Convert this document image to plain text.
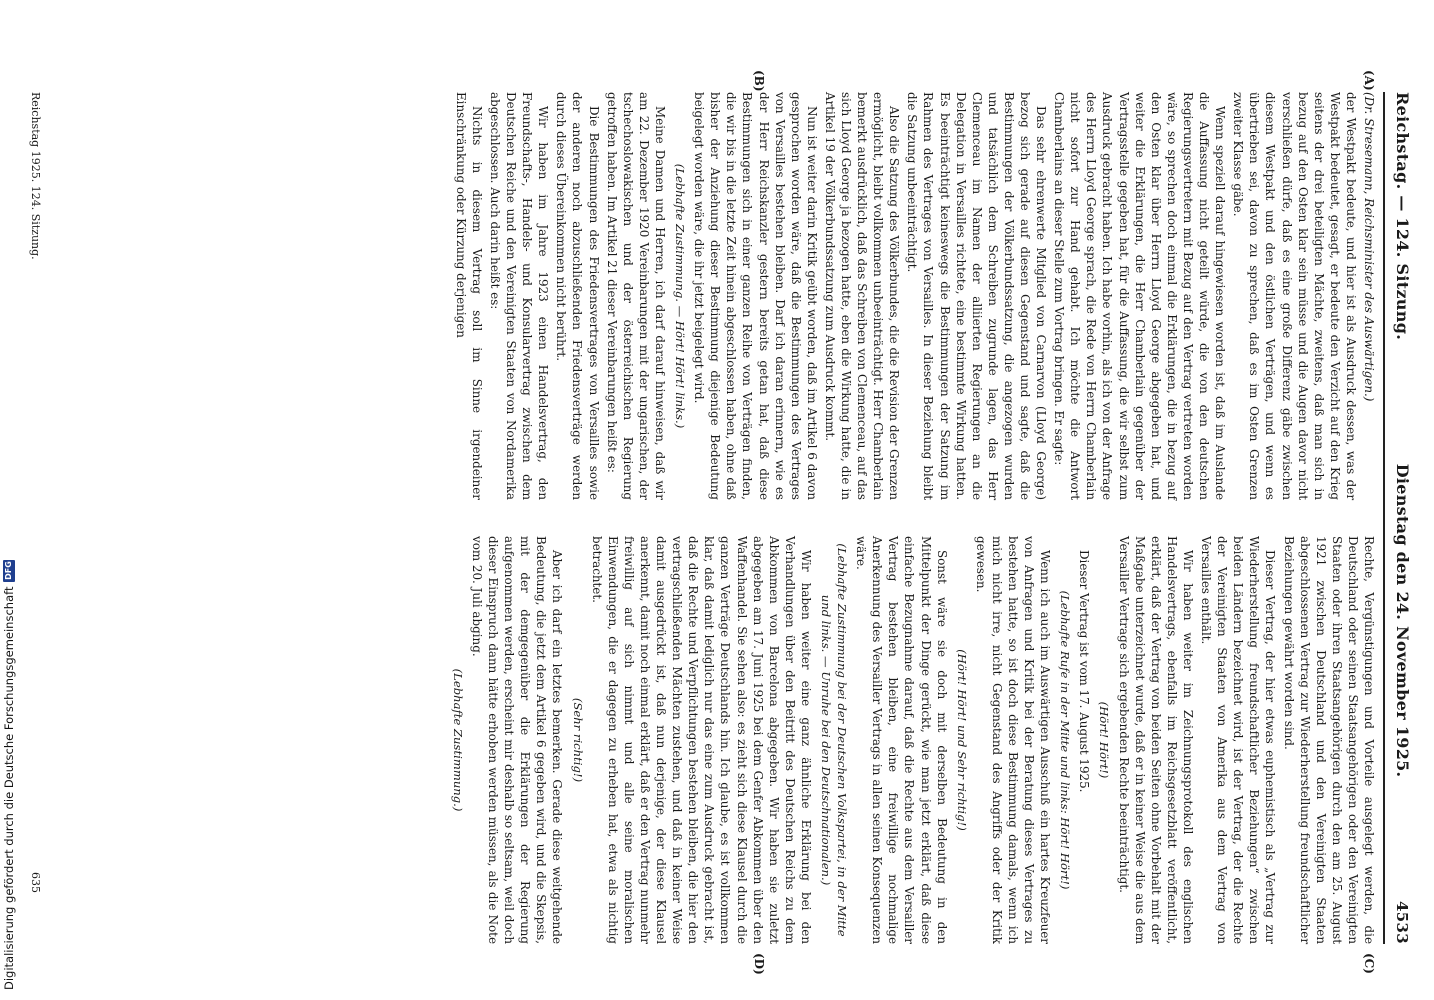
Reichstag. — 124. Sitzung.
Dienstag den 24. November 1925.
4533
(A)
(B)
(C)
(D)

(Dr. Stresemann, Reichsminister des Auswärtigen.)

der Westpakt bedeute, und hier ist als Ausdruck dessen, was der Westpakt bedeutet, gesagt, er bedeute den Verzicht auf den Krieg seitens der drei beteiligten Mächte, zweitens, daß man sich in bezug auf den Osten klar sein müsse und die Augen davor nicht verschließen dürfe, daß es eine große Differenz gäbe zwischen diesem Westpakt und den östlichen Verträgen, und wenn es übertrieben sei, davon zu sprechen, daß es im Osten Grenzen zweiter Klasse gäbe.

Wenn speziell darauf hingewiesen worden ist, daß im Auslande die Auffassung nicht geteilt würde, die von den deutschen Regierungsvertretern mit Bezug auf den Vertrag vertreten worden wäre, so sprechen doch einmal die Erklärungen, die in bezug auf den Osten klar über Herrn Lloyd George abgegeben hat, und weiter die Erklärungen, die Herr Chamberlain gegenüber der Vertragsstelle gegeben hat, für die Auffassung, die wir selbst zum Ausdruck gebracht haben. Ich habe vorhin, als ich von der Anfrage des Herrn Lloyd George sprach, die Rede von Herrn Chamberlain nicht sofort zur Hand gehabt. Ich möchte die Antwort Chamberlains an dieser Stelle zum Vortrag bringen. Er sagte:

Das sehr ehrenwerte Mitglied von Carnarvon (Lloyd George) bezog sich gerade auf diesen Gegenstand und sagte, daß die Bestimmungen der Völkerbundssatzung, die angezogen wurden und tatsächlich dem Schreiben zugrunde lagen, das Herr Clemenceau im Namen der alliierten Regierungen an die Delegation in Versailles richtete, eine bestimmte Wirkung hatten. Es beeinträchtigt keineswegs die Bestimmungen der Satzung im Rahmen des Vertrages von Versailles. In dieser Beziehung bleibt die Satzung unbeeinträchtigt.

Also die Satzung des Völkerbundes, die die Revision der Grenzen ermöglicht, bleibt vollkommen unbeeinträchtigt. Herr Chamberlain bemerkt ausdrücklich, daß das Schreiben von Clemenceau, auf das sich Lloyd George ja bezogen hatte, eben die Wirkung hatte, die in Artikel 19 der Völkerbundssatzung zum Ausdruck kommt.

Nun ist weiter darin Kritik geübt worden, daß im Artikel 6 davon gesprochen worden wäre, daß die Bestimmungen des Vertrages von Versailles bestehen bleiben. Darf ich daran erinnern, wie es der Herr Reichskanzler gestern bereits getan hat, daß diese Bestimmungen sich in einer ganzen Reihe von Verträgen finden, die wir bis in die letzte Zeit hinein abgeschlossen haben, ohne daß bisher der Anziehung dieser Bestimmung diejenige Bedeutung beigelegt worden wäre, die ihr jetzt beigelegt wird.

(Lebhafte Zustimmung. — Hört! Hört! links.)

Meine Damen und Herren, ich darf darauf hinweisen, daß wir am 22. Dezember 1920 Vereinbarungen mit der ungarischen, der tschechoslowakischen und der österreichischen Regierung getroffen haben. Im Artikel 21 dieser Vereinbarungen heißt es:

Die Bestimmungen des Friedensvertrages von Versailles sowie der anderen noch abzuschließenden Friedensverträge werden durch dieses Übereinkommen nicht berührt.

Wir haben im Jahre 1923 einen Handelsvertrag, den Freundschafts-, Handels- und Konsularvertrag zwischen dem Deutschen Reiche und den Vereinigten Staaten von Nordamerika abgeschlossen. Auch darin heißt es:

Nichts in diesem Vertrag soll im Sinne irgendeiner Einschränkung oder Kürzung derjenigen

Rechte, Vergünstigungen und Vorteile ausgelegt werden, die Deutschland oder seinen Staatsangehörigen oder den Vereinigten Staaten oder ihren Staatsangehörigen durch den am 25. August 1921 zwischen Deutschland und den Vereinigten Staaten abgeschlossenen Vertrag zur Wiederherstellung freundschaftlicher Beziehungen gewährt worden sind.

Dieser Vertrag, der hier etwas euphemistisch als „Vertrag zur Wiederherstellung freundschaftlicher Beziehungen“ zwischen beiden Ländern bezeichnet wird, ist der Vertrag, der die Rechte der Vereinigten Staaten von Amerika aus dem Vertrag von Versailles enthält.

Wir haben weiter im Zeichnungsprotokoll des englischen Handelsvertrags, ebenfalls im Reichsgesetzblatt veröffentlicht, erklärt, daß der Vertrag von beiden Seiten ohne Vorbehalt mit der Maßgabe unterzeichnet wurde, daß er in keiner Weise die aus dem Versailler Vertrage sich ergebenden Rechte beeinträchtigt.

(Hört! Hört!)

Dieser Vertrag ist vom 17. August 1925.

(Lebhafte Rufe in der Mitte und links: Hört! Hört!)

Wenn ich auch im Auswärtigen Ausschuß ein hartes Kreuzfeuer von Anfragen und Kritik bei der Beratung dieses Vertrages zu bestehen hatte, so ist doch diese Bestimmung damals, wenn ich mich nicht irre, nicht Gegenstand des Angriffs oder der Kritik gewesen.

(Hört! Hört! und Sehr richtig!)

Sonst wäre sie doch mit derselben Bedeutung in den Mittelpunkt der Dinge gerückt, wie man jetzt erklärt, daß diese einfache Bezugnahme darauf, daß die Rechte aus dem Versailler Vertrag bestehen bleiben, eine freiwillige nochmalige Anerkennung des Versailler Vertrags in allen seinen Konsequenzen wäre.

(Lebhafte Zustimmung bei der Deutschen Volkspartei, in der Mitte und links. — Unruhe bei den Deutschnationalen.)

Wir haben weiter eine ganz ähnliche Erklärung bei den Verhandlungen über den Beitritt des Deutschen Reichs zu dem Abkommen von Barcelona abgegeben. Wir haben sie zuletzt abgegeben am 17. Juni 1925 bei dem Genfer Abkommen über den Waffenhandel. Sie sehen also: es zieht sich diese Klausel durch die ganzen Verträge Deutschlands hin. Ich glaube, es ist vollkommen klar, daß damit lediglich nur das eine zum Ausdruck gebracht ist, daß die Rechte und Verpflichtungen bestehen bleiben, die hier den vertragschließenden Mächten zustehen, und daß in keiner Weise damit ausgedrückt ist, daß nun derjenige, der diese Klausel anerkennt, damit noch einmal erklärt, daß er den Vertrag nunmehr freiwillig auf sich nimmt und alle seine moralischen Einwendungen, die er dagegen zu erheben hat, etwa als nichtig betrachtet.

(Sehr richtig!)

Aber ich darf ein letztes bemerken. Gerade diese weitgehende Bedeutung, die jetzt dem Artikel 6 gegeben wird, und die Skepsis, mit der demgegenüber die Erklärungen der Regierung aufgenommen werden, erscheint mir deshalb so seltsam, weil doch dieser Einspruch dann hätte erhoben werden müssen, als die Note vom 20. Juli abging.

(Lebhafte Zustimmung.)

Reichstag 1925. 124. Sitzung.
635
Digitalisierung gefördert durch die Deutsche Forschungsgemeinschaft
DFG
